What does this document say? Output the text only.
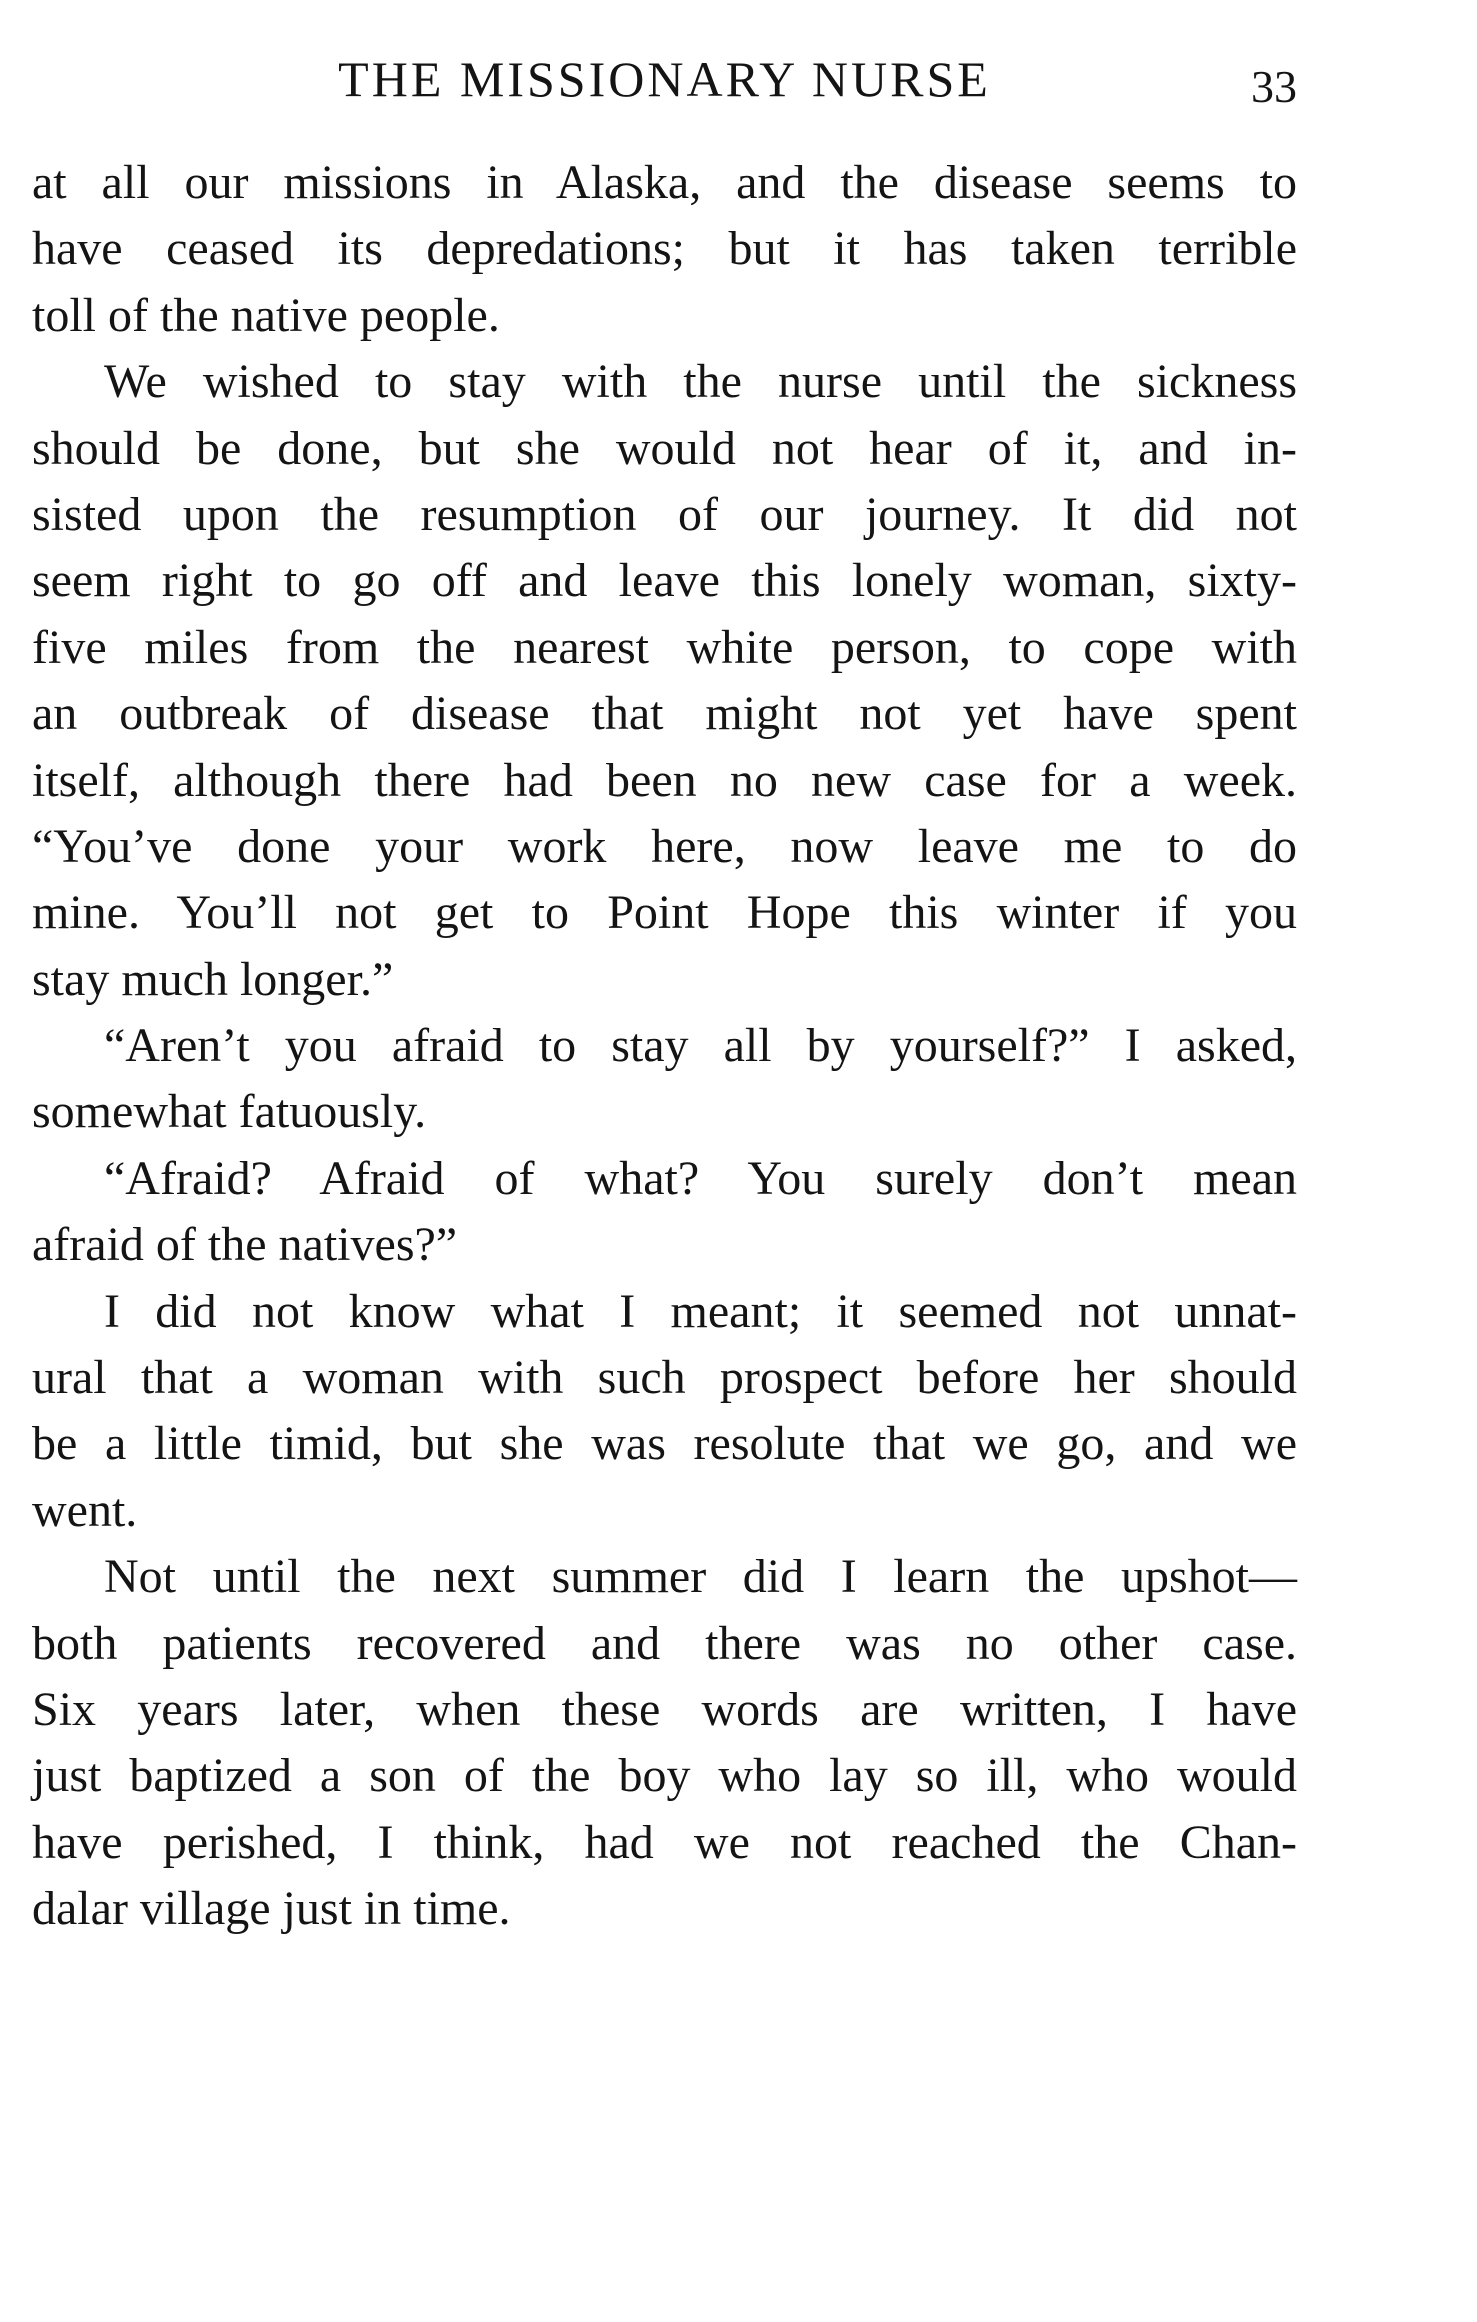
THE MISSIONARY NURSE	33
at all our missions in Alaska, and the disease seems to
have ceased its depredations; but it has taken terrible
toll of the native people.
We wished to stay with the nurse until the sickness
should be done, but she would not hear of it, and in-
sisted upon the resumption of our journey. It did not
seem right to go off and leave this lonely woman, sixty-
five miles from the nearest white person, to cope with
an outbreak of disease that might not yet have spent
itself, although there had been no new case for a week.
“You’ve done your work here, now leave me to do
mine. You’ll not get to Point Hope this winter if you
stay much longer.”
“Aren’t you afraid to stay all by yourself?” I asked,
somewhat fatuously.
“Afraid? Afraid of what? You surely don’t mean
afraid of the natives?”
I did not know what I meant; it seemed not unnat-
ural that a woman with such prospect before her should
be a little timid, but she was resolute that we go, and we
went.
Not until the next summer did I learn the upshot—
both patients recovered and there was no other case.
Six years later, when these words are written, I have
just baptized a son of the boy who lay so ill, who would
have perished, I think, had we not reached the Chan-
dalar village just in time.
